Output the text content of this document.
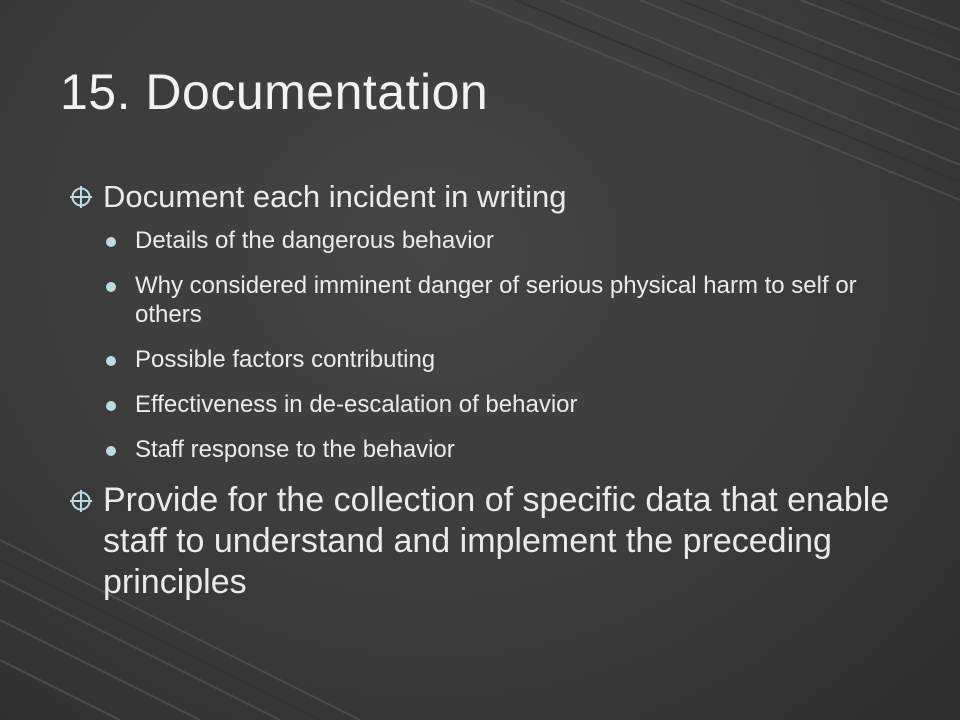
15. Documentation
Document each incident in writing
Details of the dangerous behavior
Why considered imminent danger of serious physical harm to self or others
Possible factors contributing
Effectiveness in de-escalation of behavior
Staff response to the behavior
Provide for the collection of specific data that enable staff to understand and implement the preceding principles
